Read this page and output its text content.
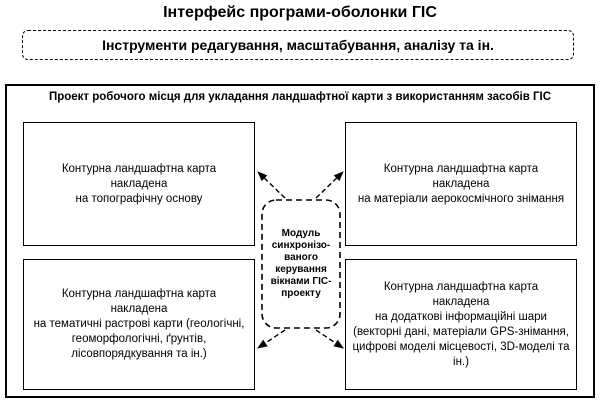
Інтерфейс програми-оболонки ГІС
Інструменти редагування, масштабування, аналізу та ін.
Проект робочого місця для укладання ландшафтної карти з використанням засобів ГІС
Контурна ландшафтна карта
накладена
на топографічну основу
Контурна ландшафтна карта
накладена
на матеріали аерокосмічного знімання
Контурна ландшафтна карта
накладена
на тематичні растрові карти (геологічні, геоморфологічні, ґрунтів, лісовпорядкування та ін.)
Контурна ландшафтна карта
накладена
на додаткові інформаційні шари (векторні дані, матеріали GPS-знімання, цифрові моделі місцевості, 3D-моделі та ін.)
Модуль синхронізо-ваного керування вікнами ГІС-проекту
